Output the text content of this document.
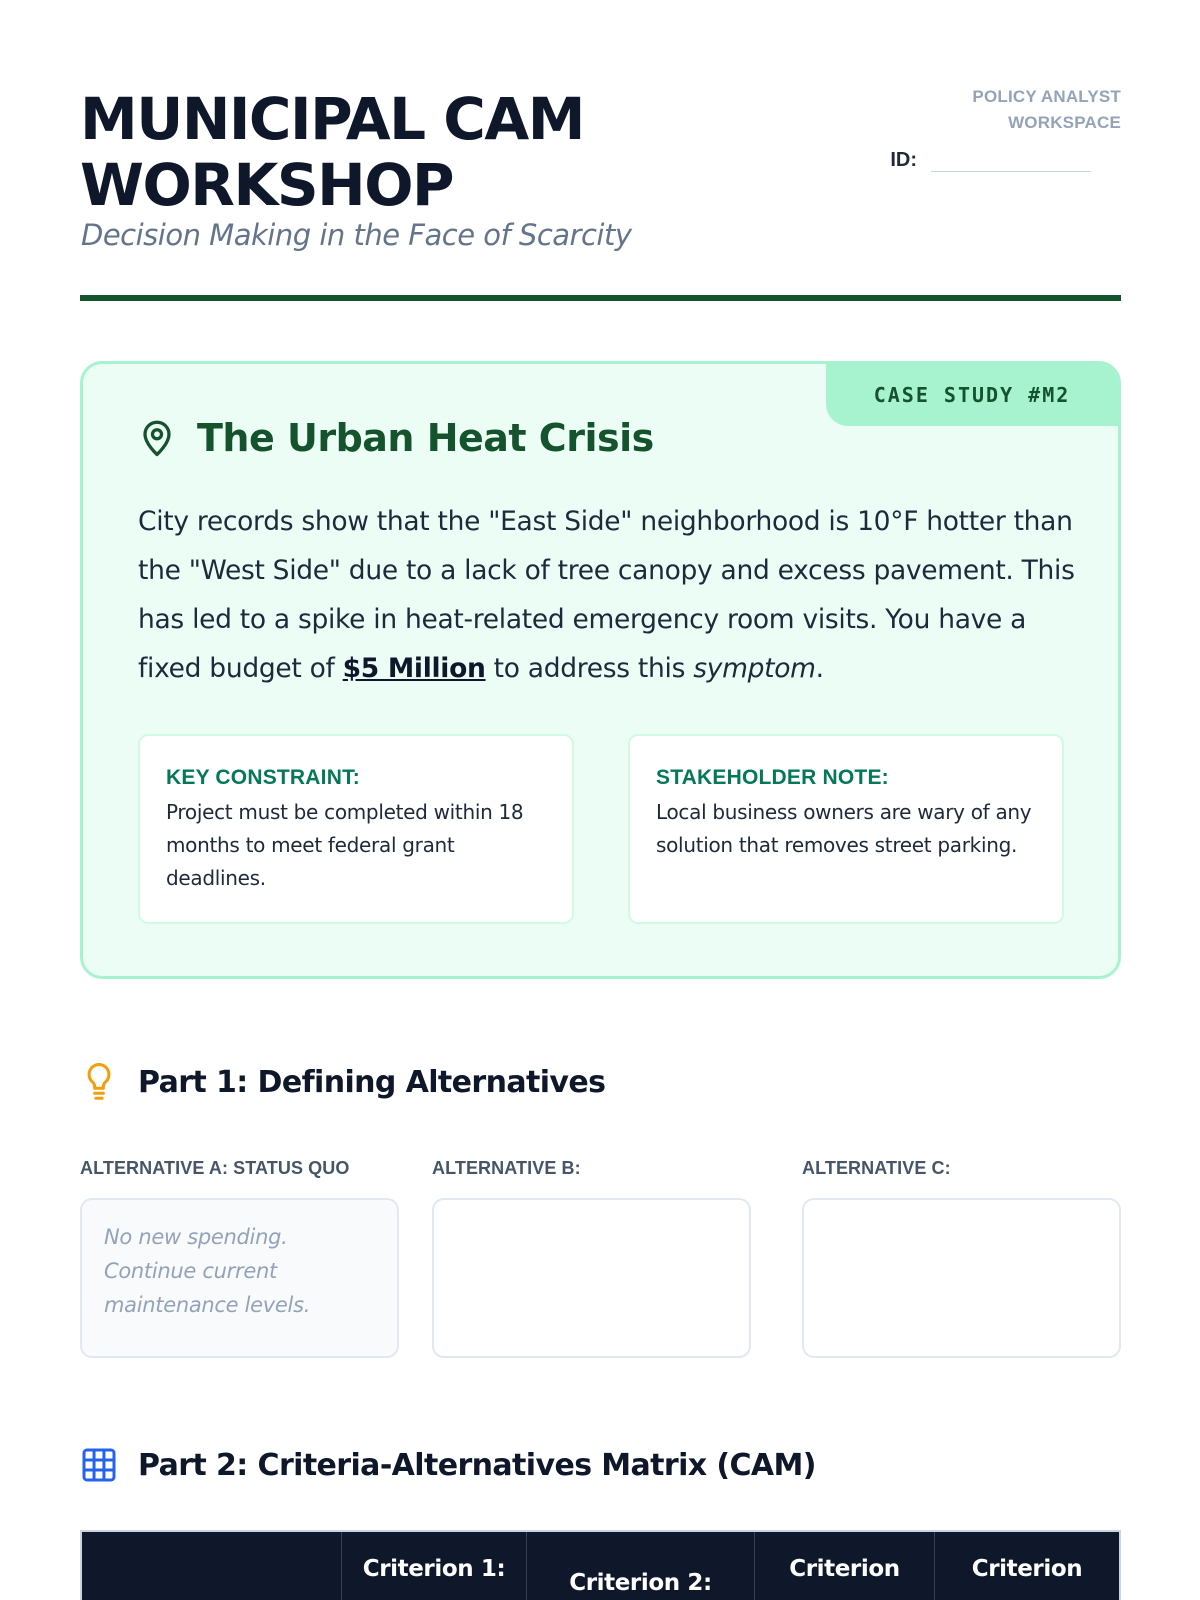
MUNICIPAL CAM WORKSHOP
Decision Making in the Face of Scarcity
POLICY ANALYST WORKSPACE
ID:
CASE STUDY #M2
The Urban Heat Crisis

City records show that the "East Side" neighborhood is 10°F hotter than the "West Side" due to a lack of tree canopy and excess pavement. This has led to a spike in heat-related emergency room visits. You have a fixed budget of $5 Million to address this symptom.

KEY CONSTRAINT:
Project must be completed within 18 months to meet federal grant deadlines.
STAKEHOLDER NOTE:
Local business owners are wary of any solution that removes street parking.
Part 1: Defining Alternatives
ALTERNATIVE A: STATUS QUO
No new spending. Continue current maintenance levels.
ALTERNATIVE B:	ALTERNATIVE C:
Part 2: Criteria-Alternatives Matrix (CAM)
Criterion 1:
Criterion 2:
Criterion	Criterion
